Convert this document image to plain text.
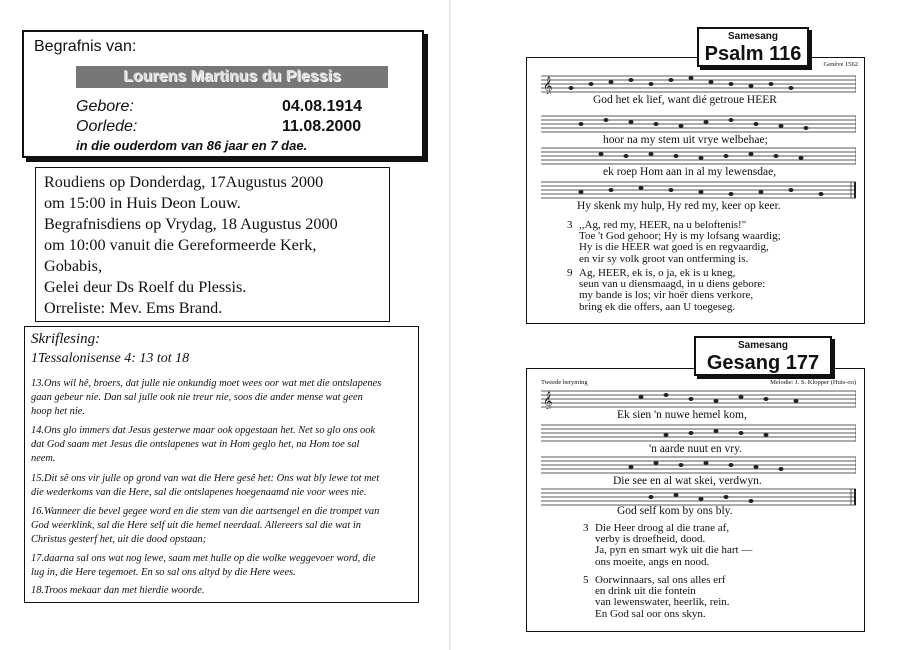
Begrafnis van:
Lourens Martinus du Plessis
Gebore:	04.08.1914
Oorlede:	11.08.2000
in die ouderdom van 86 jaar en 7 dae.
Roudiens op Donderdag, 17Augustus 2000
om 15:00 in Huis Deon Louw.
Begrafnisdiens op Vrydag, 18 Augustus 2000
om 10:00 vanuit die Gereformeerde Kerk,
Gobabis,
Gelei deur Ds Roelf du Plessis.
Orreliste: Mev. Ems Brand.
Skriflesing:
1Tessalonisense 4: 13 tot 18
13.Ons wil hê, broers, dat julle nie onkundig moet wees oor wat met die ontslapenes
gaan gebeur nie. Dan sal julle ook nie treur nie, soos die ander mense wat geen
hoop het nie.
14.Ons glo immers dat Jesus gesterwe maar ook opgestaan het. Net so glo ons ook
dat God saam met Jesus die ontslapenes wat in Hom geglo het, na Hom toe sal
neem.
15.Dit sê ons vir julle op grond van wat die Here gesê het: Ons wat bly lewe tot met
die wederkoms van die Here, sal die ontslapenes hoegenaamd nie voor wees nie.
16.Wanneer die bevel gegee word en die stem van die aartsengel en die trompet van
God weerklink, sal die Here self uit die hemel neerdaal. Allereers sal die wat in
Christus gesterf het, uit die dood opstaan;
17.daarna sal ons wat nog lewe, saam met hulle op die wolke weggevoer word, die
lug in, die Here tegemoet. En so sal ons altyd by die Here wees.
18.Troos mekaar dan met hierdie woorde.
Genève 1562
𝄞
God het ek lief, want dié getroue HEER
hoor na my stem uit vrye welbehae;
ek roep Hom aan in al my lewensdae,
Hy skenk my hulp, Hy red my, keer op keer.
3 ,,Ag, red my, HEER, na u beloftenis!"
Toe 't God gehoor; Hy is my lofsang waardig;
Hy is die HEER wat goed is en regvaardig,
en vir sy volk groot van ontferming is.
9 Ag, HEER, ek is, o ja, ek is u kneg,
seun van u diensmaagd, in u diens gebore:
my bande is los; vir hoër diens verkore,
bring ek die offers, aan U toegeseg.
Samesang
Psalm 116
Tweede beryming	Melodie: J. S. Klopper (Huis-oo)
𝄞
Ek sien 'n nuwe hemel kom,
'n aarde nuut en vry.
Die see en al wat skei, verdwyn.
God self kom by ons bly.
3 Die Heer droog al die trane af,
verby is droefheid, dood.
Ja, pyn en smart wyk uit die hart —
ons moeite, angs en nood.
5 Oorwinnaars, sal ons alles erf
en drink uit die fontein
van lewenswater, heerlik, rein.
En God sal oor ons skyn.
Samesang
Gesang 177
